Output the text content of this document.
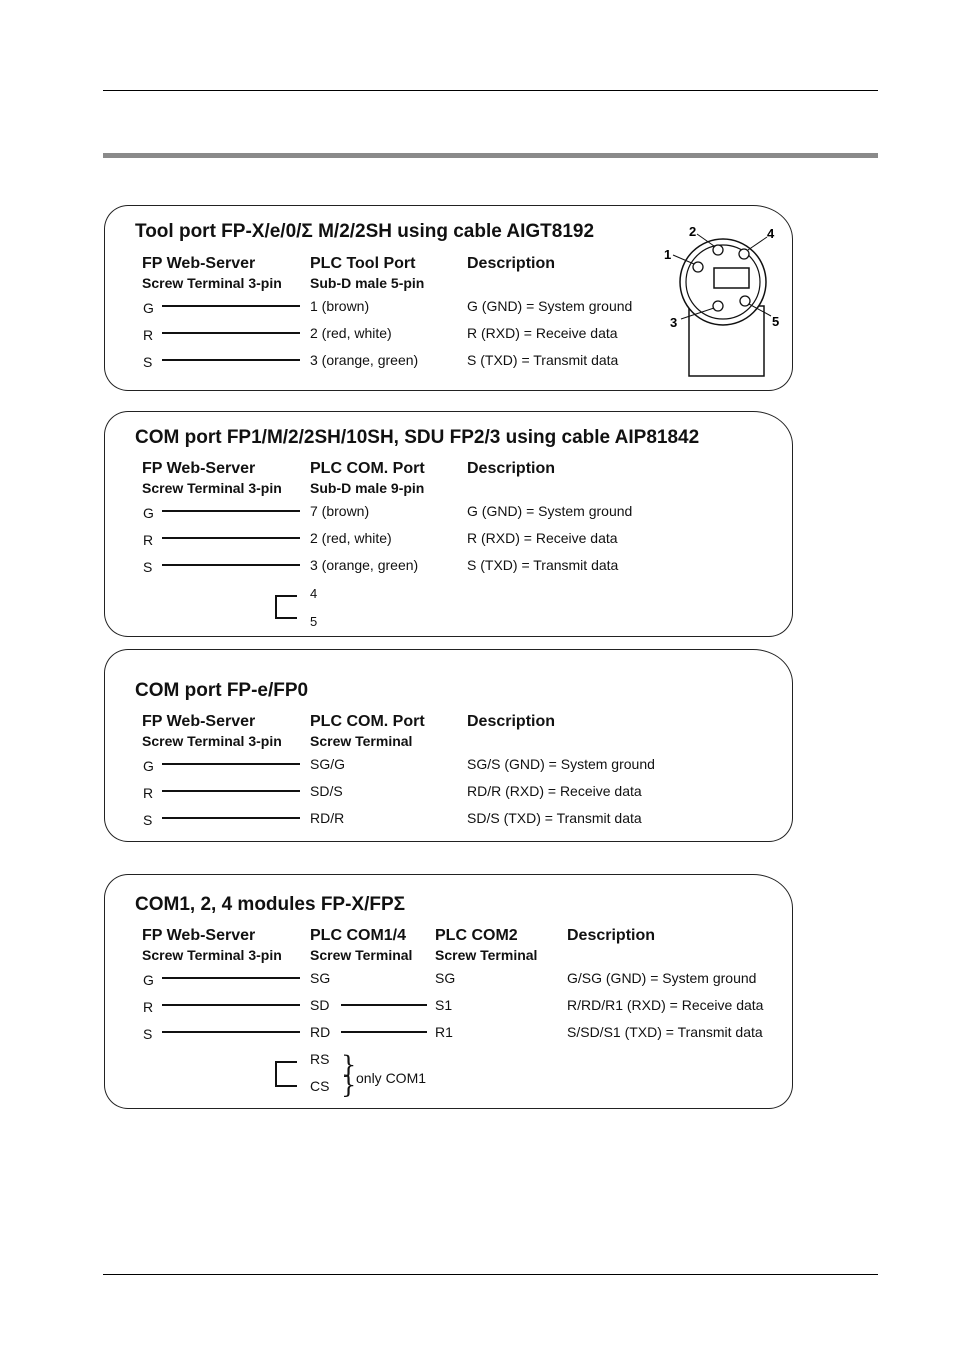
Tool port FP-X/e/0/Σ M/2/2SH using cable AIGT8192
FP Web-Server
Screw Terminal 3-pin
PLC Tool Port
Sub-D male 5-pin
Description
G	1 (brown)	G (GND) = System ground
R	2 (red, white)	R (RXD) = Receive data
S	3 (orange, green)	S (TXD) = Transmit data
2	4
1
3	5
COM port FP1/M/2/2SH/10SH, SDU FP2/3 using cable AIP81842
FP Web-Server
Screw Terminal 3-pin
PLC COM. Port
Sub-D male 9-pin
Description
G	7 (brown)	G (GND) = System ground
R	2 (red, white)	R (RXD) = Receive data
S	3 (orange, green)	S (TXD) = Transmit data
4
5
COM port FP-e/FP0
FP Web-Server
Screw Terminal 3-pin
PLC COM. Port
Screw Terminal
Description
G	SG/G	SG/S (GND) = System ground
R	SD/S	RD/R (RXD) = Receive data
S	RD/R	SD/S (TXD) = Transmit data
COM1, 2, 4 modules FP-X/FPΣ
FP Web-Server
Screw Terminal 3-pin
PLC COM1/4
Screw Terminal
PLC COM2
Screw Terminal
Description
G	SG	SG	G/SG (GND) = System ground
R	SD	S1	R/RD/R1 (RXD) = Receive data
S	RD	R1	S/SD/S1 (TXD) = Transmit data
RS
CS
}
} only COM1
